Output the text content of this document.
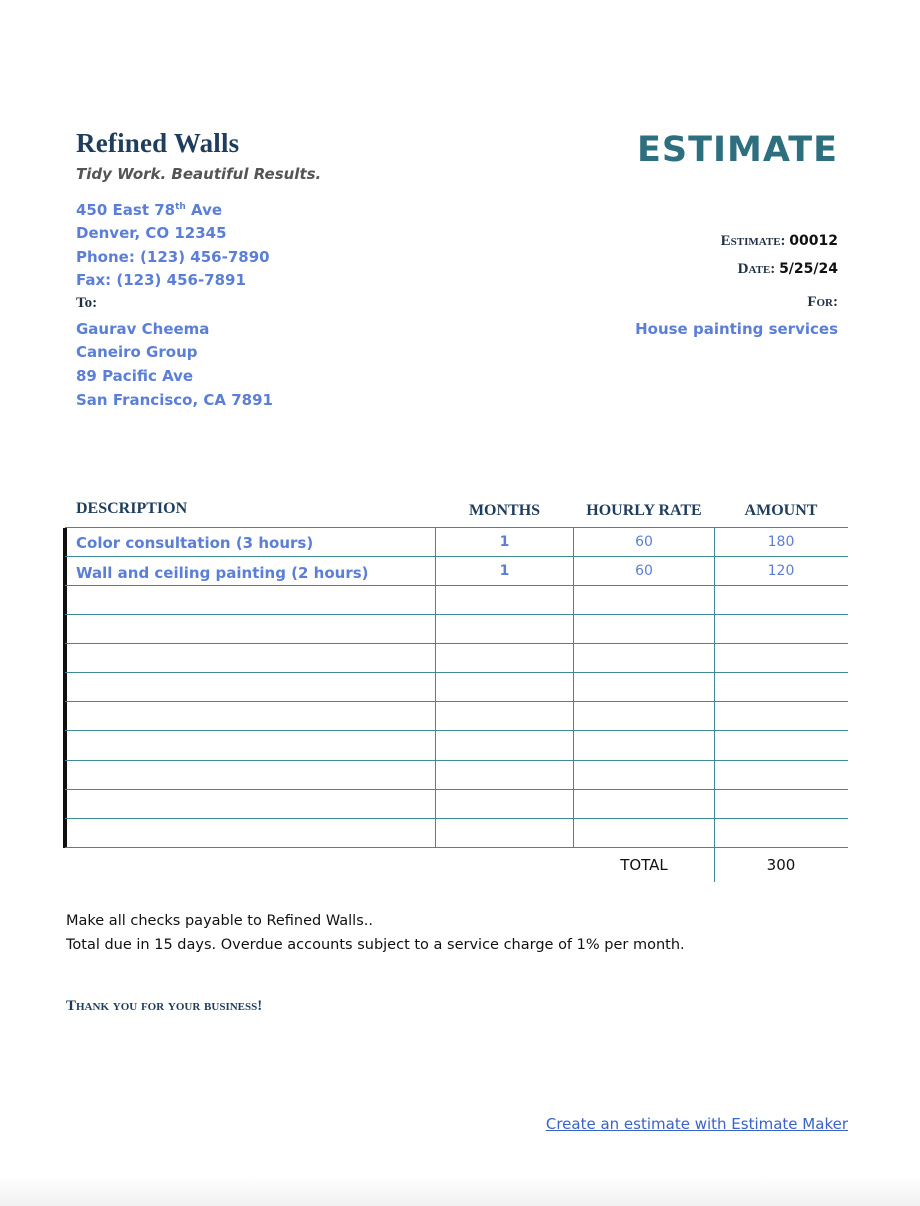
Refined Walls
Tidy Work. Beautiful Results.
ESTIMATE
450 East 78th Ave
Denver, CO 12345
Phone: (123) 456-7890
Fax: (123) 456-7891
To:
Gaurav Cheema
Caneiro Group
89 Pacific Ave
San Francisco, CA 7891
Estimate: 00012
Date: 5/25/24
For:
House painting services
DESCRIPTION	MONTHS	HOURLY RATE	AMOUNT
Color consultation (3 hours)	1	60	180
Wall and ceiling painting (2 hours)	1	60	120
TOTAL	300
Make all checks payable to Refined Walls..
Total due in 15 days. Overdue accounts subject to a service charge of 1% per month.
Thank you for your business!
Create an estimate with Estimate Maker
